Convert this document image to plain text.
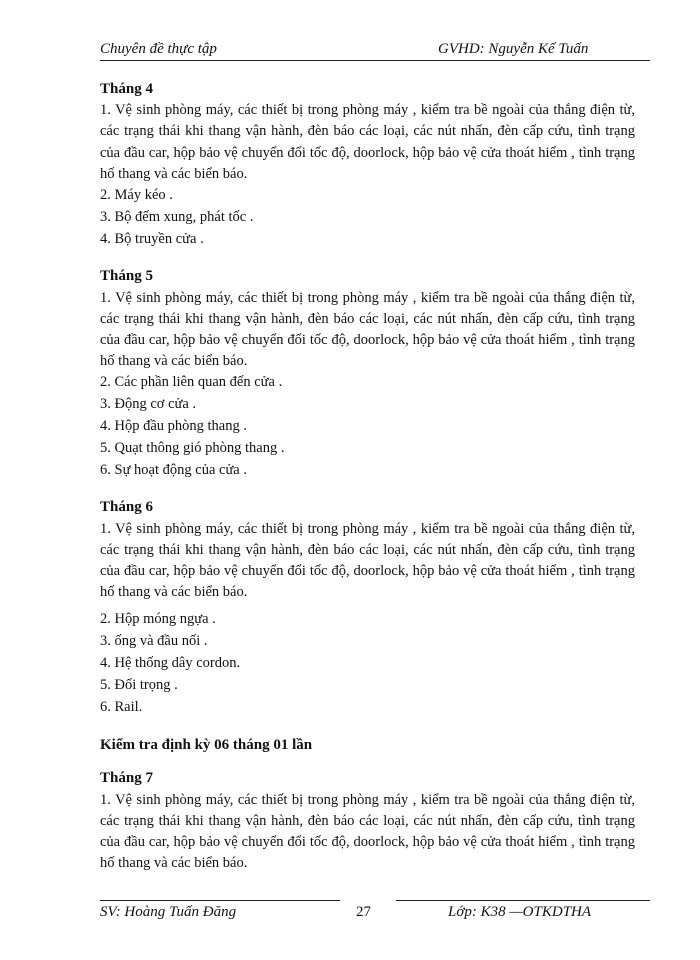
Chuyên đề thực tập	GVHD: Nguyễn Kế Tuấn

Tháng 4

1. Vệ sinh phòng máy, các thiết bị trong phòng máy , kiểm tra bề ngoài của thắng điện từ, các trạng thái khi thang vận hành, đèn báo các loại, các nút nhấn, đèn cấp cứu, tình trạng của đầu car, hộp bảo vệ chuyển đổi tốc độ, doorlock, hộp bảo vệ cửa thoát hiểm , tình trạng hố thang và các biển báo.

2. Máy kéo .
3. Bộ đếm xung, phát tốc .
4. Bộ truyền cửa .

Tháng 5

1. Vệ sinh phòng máy, các thiết bị trong phòng máy , kiểm tra bề ngoài của thắng điện từ, các trạng thái khi thang vận hành, đèn báo các loại, các nút nhấn, đèn cấp cứu, tình trạng của đầu car, hộp bảo vệ chuyển đổi tốc độ, doorlock, hộp bảo vệ cửa thoát hiểm , tình trạng hố thang và các biển báo.

2. Các phần liên quan đến cửa .
3. Động cơ cửa .
4. Hộp đầu phòng thang .
5. Quạt thông gió phòng thang .
6. Sự hoạt động của cửa .

Tháng 6

1. Vệ sinh phòng máy, các thiết bị trong phòng máy , kiểm tra bề ngoài của thắng điện từ, các trạng thái khi thang vận hành, đèn báo các loại, các nút nhấn, đèn cấp cứu, tình trạng của đầu car, hộp bảo vệ chuyển đổi tốc độ, doorlock, hộp bảo vệ cửa thoát hiểm , tình trạng hố thang và các biển báo.

2. Hộp móng ngựa .
3. ống và đầu nối .
4. Hệ thống dây cordon.
5. Đối trọng .
6. Rail.

Kiểm tra định kỳ 06 tháng 01 lần

Tháng 7

1. Vệ sinh phòng máy, các thiết bị trong phòng máy , kiểm tra bề ngoài của thắng điện từ, các trạng thái khi thang vận hành, đèn báo các loại, các nút nhấn, đèn cấp cứu, tình trạng của đầu car, hộp bảo vệ chuyển đổi tốc độ, doorlock, hộp bảo vệ cửa thoát hiểm , tình trạng hố thang và các biển báo.

SV: Hoàng Tuấn Đăng	27	Lớp: K38 —OTKDTHA
